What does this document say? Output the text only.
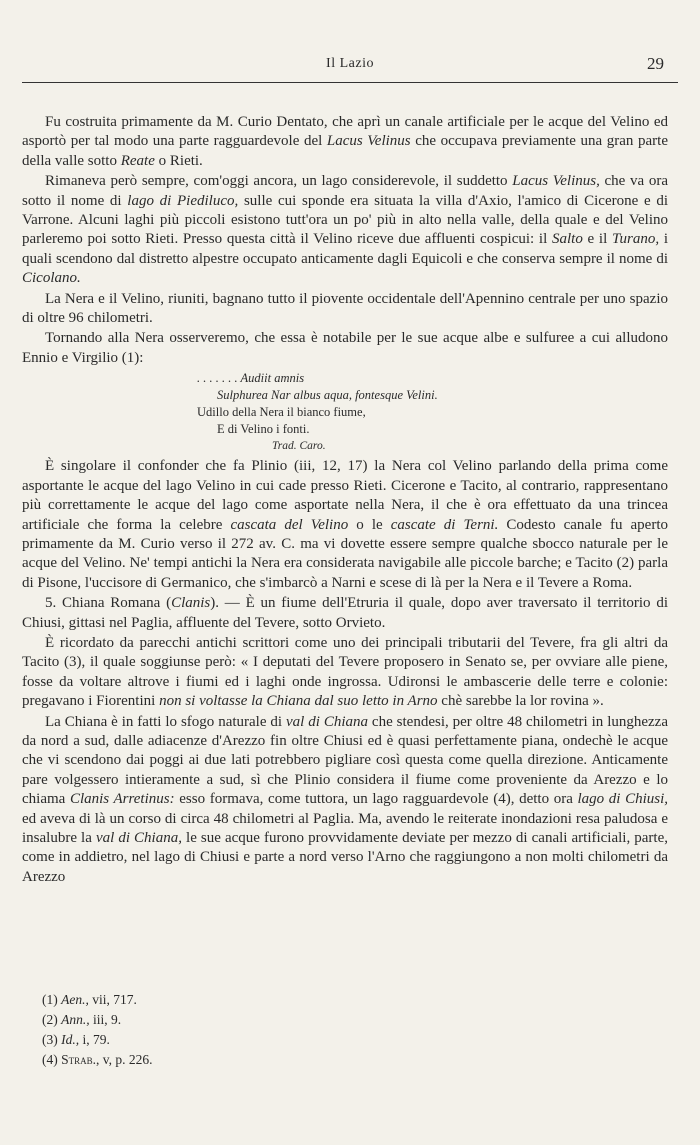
Il Lazio	29

Fu costruita primamente da M. Curio Dentato, che aprì un canale artificiale per le acque del Velino ed asportò per tal modo una parte ragguardevole del Lacus Velinus che occupava previamente una gran parte della valle sotto Reate o Rieti.

Rimaneva però sempre, com'oggi ancora, un lago considerevole, il suddetto Lacus Velinus, che va ora sotto il nome di lago di Piediluco, sulle cui sponde era situata la villa d'Axio, l'amico di Cicerone e di Varrone. Alcuni laghi più piccoli esistono tutt'ora un po' più in alto nella valle, della quale e del Velino parleremo poi sotto Rieti. Presso questa città il Velino riceve due affluenti cospicui: il Salto e il Turano, i quali scendono dal distretto alpestre occupato anticamente dagli Equicoli e che conserva sempre il nome di Cicolano.

La Nera e il Velino, riuniti, bagnano tutto il piovente occidentale dell'Apennino centrale per uno spazio di oltre 96 chilometri.

Tornando alla Nera osserveremo, che essa è notabile per le sue acque albe e sulfuree a cui alludono Ennio e Virgilio (1):

. . . . . . . Audiit amnis
Sulphurea Nar albus aqua, fontesque Velini.
Udillo della Nera il bianco fiume,
E di Velino i fonti.
Trad. Caro.

È singolare il confonder che fa Plinio (iii, 12, 17) la Nera col Velino parlando della prima come asportante le acque del lago Velino in cui cade presso Rieti. Cicerone e Tacito, al contrario, rappresentano più correttamente le acque del lago come asportate nella Nera, il che è ora effettuato da una trincea artificiale che forma la celebre cascata del Velino o le cascate di Terni. Codesto canale fu aperto primamente da M. Curio verso il 272 av. C. ma vi dovette essere sempre qualche sbocco naturale per le acque del Velino. Ne' tempi antichi la Nera era considerata navigabile alle piccole barche; e Tacito (2) parla di Pisone, l'uccisore di Germanico, che s'imbarcò a Narni e scese di là per la Nera e il Tevere a Roma.

5. Chiana Romana (Clanis). — È un fiume dell'Etruria il quale, dopo aver traversato il territorio di Chiusi, gittasi nel Paglia, affluente del Tevere, sotto Orvieto.

È ricordato da parecchi antichi scrittori come uno dei principali tributarii del Tevere, fra gli altri da Tacito (3), il quale soggiunse però: « I deputati del Tevere proposero in Senato se, per ovviare alle piene, fosse da voltare altrove i fiumi ed i laghi onde ingrossa. Udironsi le ambascerie delle terre e colonie: pregavano i Fiorentini non si voltasse la Chiana dal suo letto in Arno chè sarebbe la lor rovina ».

La Chiana è in fatti lo sfogo naturale di val di Chiana che stendesi, per oltre 48 chilometri in lunghezza da nord a sud, dalle adiacenze d'Arezzo fin oltre Chiusi ed è quasi perfettamente piana, ondechè le acque che vi scendono dai poggi ai due lati potrebbero pigliare così questa come quella direzione. Anticamente pare volgessero intieramente a sud, sì che Plinio considera il fiume come proveniente da Arezzo e lo chiama Clanis Arretinus: esso formava, come tuttora, un lago ragguardevole (4), detto ora lago di Chiusi, ed aveva di là un corso di circa 48 chilometri al Paglia. Ma, avendo le reiterate inondazioni resa paludosa e insalubre la val di Chiana, le sue acque furono provvidamente deviate per mezzo di canali artificiali, parte, come in addietro, nel lago di Chiusi e parte a nord verso l'Arno che raggiungono a non molti chilometri da Arezzo

(1) Aen., vii, 717.
(2) Ann., iii, 9.
(3) Id., i, 79.
(4) Strab., v, p. 226.
